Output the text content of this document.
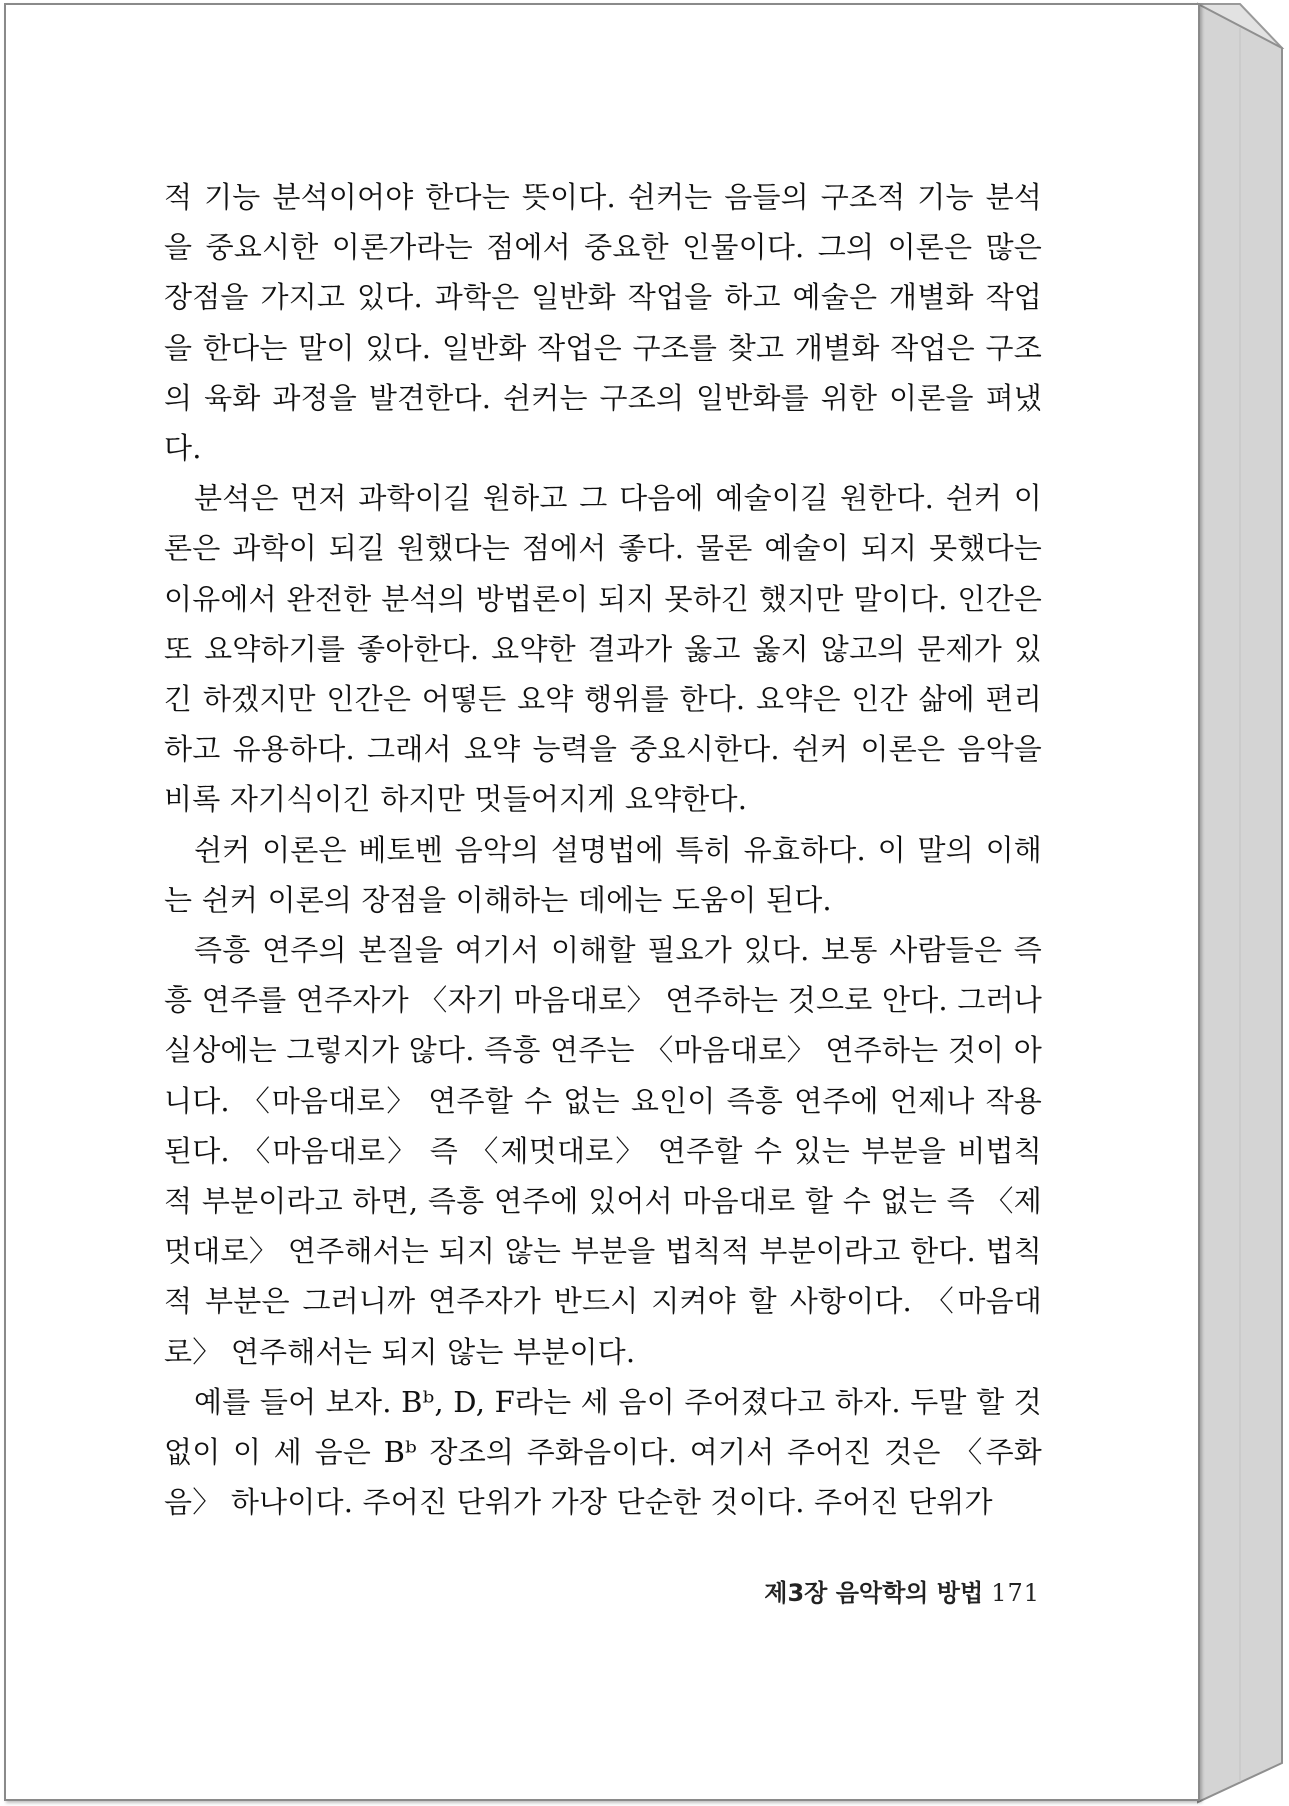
적 기능 분석이어야 한다는 뜻이다. 쉰커는 음들의 구조적 기능 분석을 중요시한 이론가라는 점에서 중요한 인물이다. 그의 이론은 많은 장점을 가지고 있다. 과학은 일반화 작업을 하고 예술은 개별화 작업을 한다는 말이 있다. 일반화 작업은 구조를 찾고 개별화 작업은 구조의 육화 과정을 발견한다. 쉰커는 구조의 일반화를 위한 이론을 펴냈다.

분석은 먼저 과학이길 원하고 그 다음에 예술이길 원한다. 쉰커 이론은 과학이 되길 원했다는 점에서 좋다. 물론 예술이 되지 못했다는 이유에서 완전한 분석의 방법론이 되지 못하긴 했지만 말이다. 인간은 또 요약하기를 좋아한다. 요약한 결과가 옳고 옳지 않고의 문제가 있긴 하겠지만 인간은 어떻든 요약 행위를 한다. 요약은 인간 삶에 편리하고 유용하다. 그래서 요약 능력을 중요시한다. 쉰커 이론은 음악을 비록 자기식이긴 하지만 멋들어지게 요약한다.

쉰커 이론은 베토벤 음악의 설명법에 특히 유효하다. 이 말의 이해는 쉰커 이론의 장점을 이해하는 데에는 도움이 된다.

즉흥 연주의 본질을 여기서 이해할 필요가 있다. 보통 사람들은 즉흥 연주를 연주자가 〈자기 마음대로〉 연주하는 것으로 안다. 그러나 실상에는 그렇지가 않다. 즉흥 연주는 〈마음대로〉 연주하는 것이 아니다. 〈마음대로〉 연주할 수 없는 요인이 즉흥 연주에 언제나 작용된다. 〈마음대로〉 즉 〈제멋대로〉 연주할 수 있는 부분을 비법칙적 부분이라고 하면, 즉흥 연주에 있어서 마음대로 할 수 없는 즉 〈제멋대로〉 연주해서는 되지 않는 부분을 법칙적 부분이라고 한다. 법칙적 부분은 그러니까 연주자가 반드시 지켜야 할 사항이다. 〈마음대로〉 연주해서는 되지 않는 부분이다.

예를 들어 보자. Bᵇ, D, F라는 세 음이 주어졌다고 하자. 두말 할 것 없이 이 세 음은 Bᵇ 장조의 주화음이다. 여기서 주어진 것은 〈주화음〉 하나이다. 주어진 단위가 가장 단순한 것이다. 주어진 단위가

제3장 음악학의 방법 171
